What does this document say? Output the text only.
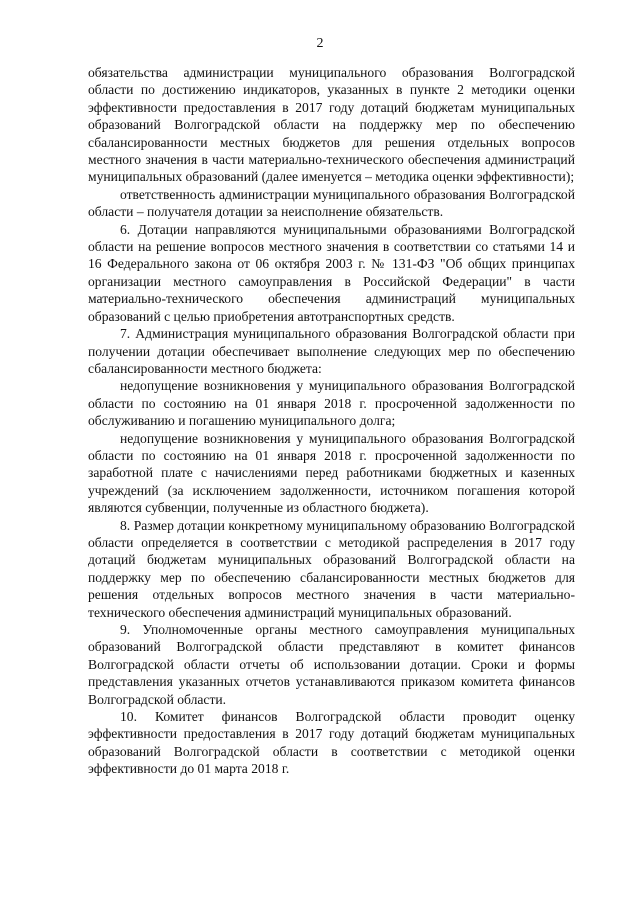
2

обязательства администрации муниципального образования Волгоградской области по достижению индикаторов, указанных в пункте 2 методики оценки эффективности предоставления в 2017 году дотаций бюджетам муниципальных образований Волгоградской области на поддержку мер по обеспечению сбалансированности местных бюджетов для решения отдельных вопросов местного значения в части материально-технического обеспечения администраций муниципальных образований (далее именуется – методика оценки эффективности);

ответственность администрации муниципального образования Волгоградской области – получателя дотации за неисполнение обязательств.

6. Дотации направляются муниципальными образованиями Волгоградской области на решение вопросов местного значения в соответствии со статьями 14 и 16 Федерального закона от 06 октября 2003 г. № 131-ФЗ "Об общих принципах организации местного самоуправления в Российской Федерации" в части материально-технического обеспечения администраций муниципальных образований с целью приобретения автотранспортных средств.

7. Администрация муниципального образования Волгоградской области при получении дотации обеспечивает выполнение следующих мер по обеспечению сбалансированности местного бюджета:

недопущение возникновения у муниципального образования Волгоградской области по состоянию на 01 января 2018 г. просроченной задолженности по обслуживанию и погашению муниципального долга;

недопущение возникновения у муниципального образования Волгоградской области по состоянию на 01 января 2018 г. просроченной задолженности по заработной плате с начислениями перед работниками бюджетных и казенных учреждений (за исключением задолженности, источником погашения которой являются субвенции, полученные из областного бюджета).

8. Размер дотации конкретному муниципальному образованию Волгоградской области определяется в соответствии с методикой распределения в 2017 году дотаций бюджетам муниципальных образований Волгоградской области на поддержку мер по обеспечению сбалансированности местных бюджетов для решения отдельных вопросов местного значения в части материально-технического обеспечения администраций муниципальных образований.

9. Уполномоченные органы местного самоуправления муниципальных образований Волгоградской области представляют в комитет финансов Волгоградской области отчеты об использовании дотации. Сроки и формы представления указанных отчетов устанавливаются приказом комитета финансов Волгоградской области.

10. Комитет финансов Волгоградской области проводит оценку эффективности предоставления в 2017 году дотаций бюджетам муниципальных образований Волгоградской области в соответствии с методикой оценки эффективности до 01 марта 2018 г.
